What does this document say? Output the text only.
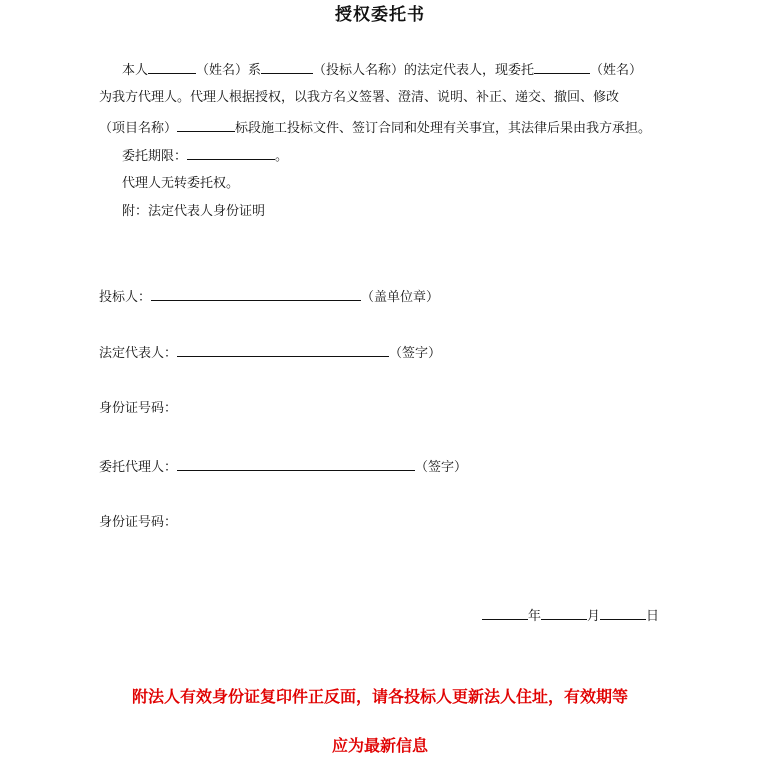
授权委托书
本人	（姓名）系	（投标人名称）的法定代表人，现委托	（姓名）
为我方代理人。代理人根据授权，以我方名义签署、澄清、说明、补正、递交、撤回、修改
（项目名称）	标段施工投标文件、签订合同和处理有关事宜，其法律后果由我方承担。
委托期限：	。
代理人无转委托权。
附：法定代表人身份证明
投标人：	（盖单位章）
法定代表人：	（签字）
身份证号码：
委托代理人：	（签字）
身份证号码：
年	月	日
附法人有效身份证复印件正反面，请各投标人更新法人住址，有效期等
应为最新信息
